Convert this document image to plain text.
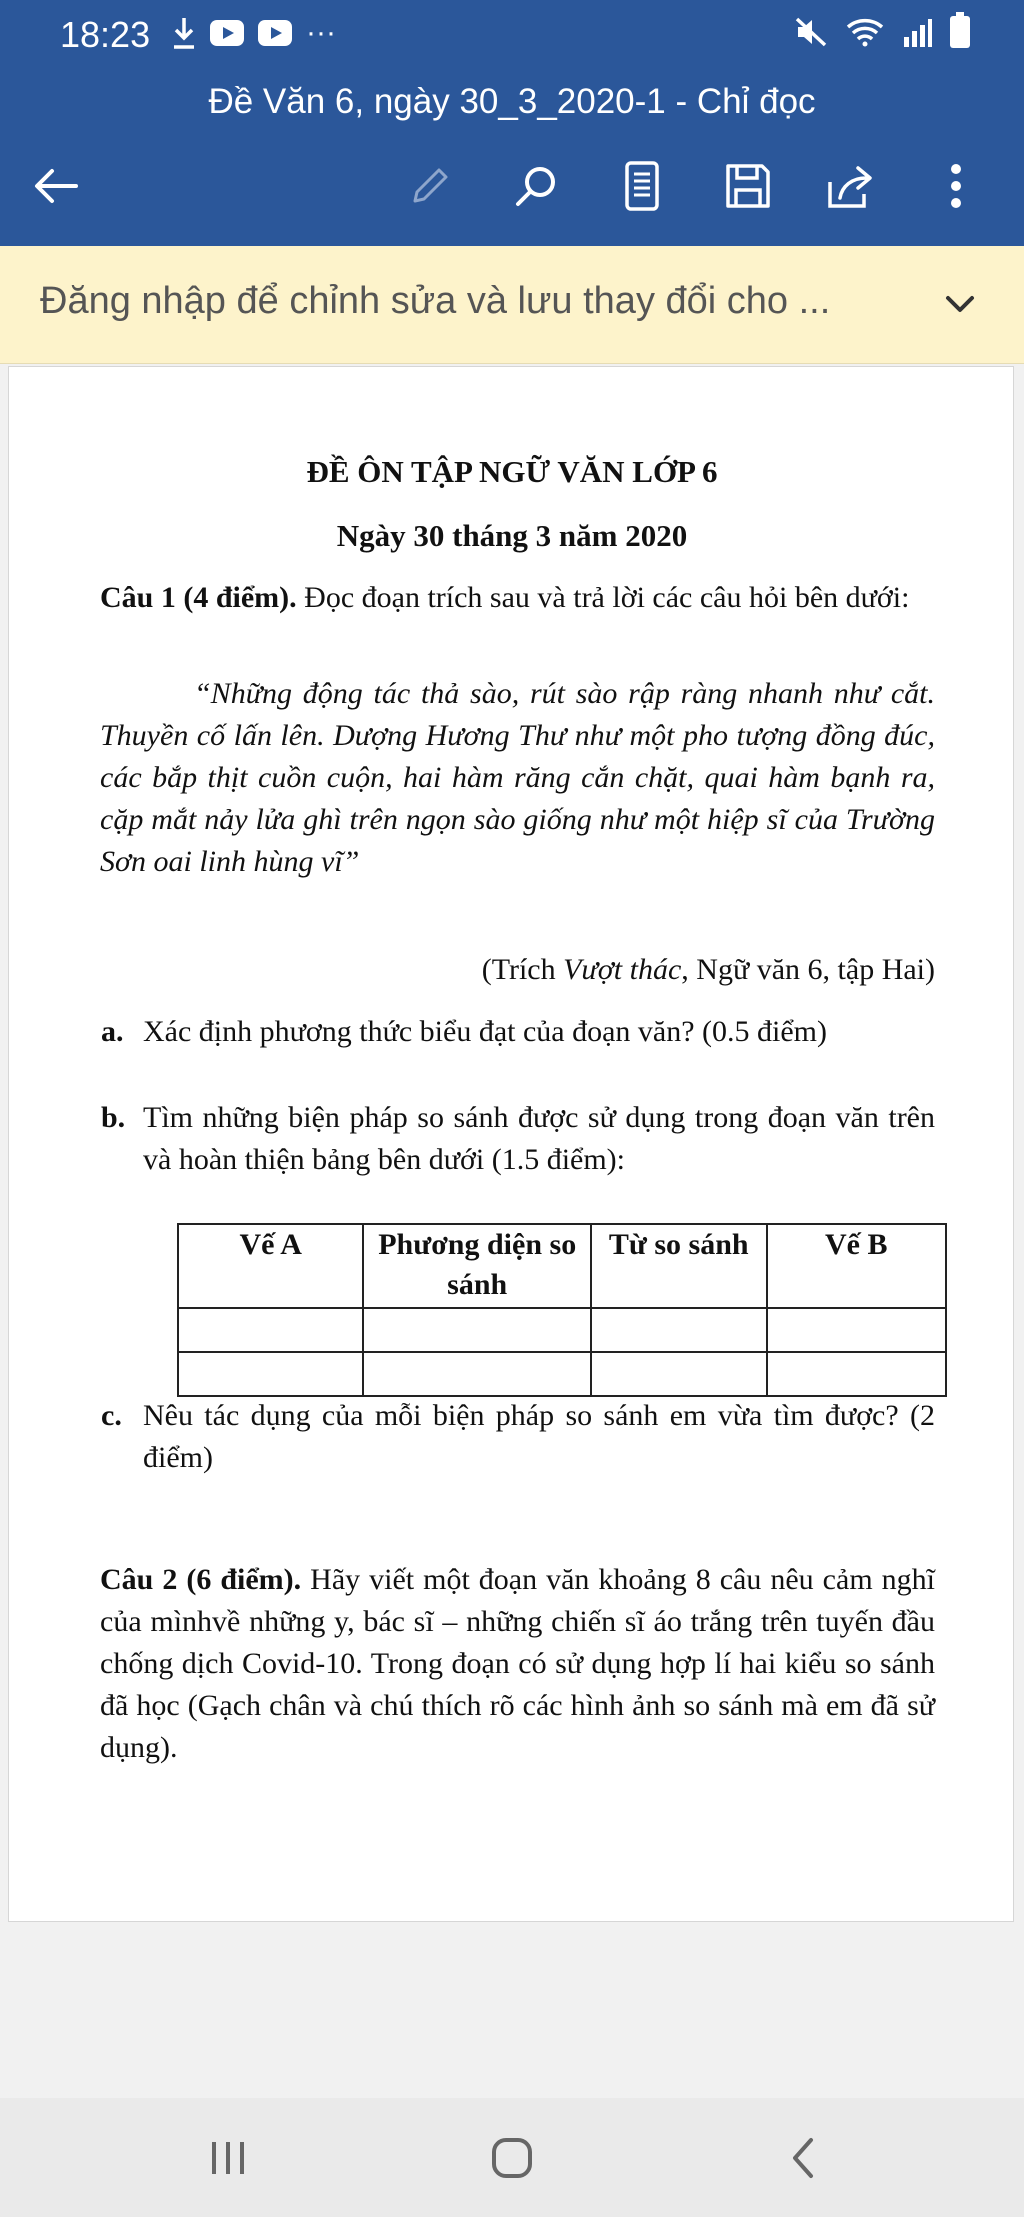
18:23	···
Đề Văn 6, ngày 30_3_2020-1 - Chỉ đọc
Đăng nhập để chỉnh sửa và lưu thay đổi cho ...
ĐỀ ÔN TẬP NGỮ VĂN LỚP 6
Ngày 30 tháng 3 năm 2020
Câu 1 (4 điểm). Đọc đoạn trích sau và trả lời các câu hỏi bên dưới:
“Những động tác thả sào, rút sào rập ràng nhanh như cắt. Thuyền cố lấn lên. Dượng Hương Thư như một pho tượng đồng đúc, các bắp thịt cuồn cuộn, hai hàm răng cắn chặt, quai hàm bạnh ra, cặp mắt nảy lửa ghì trên ngọn sào giống như một hiệp sĩ của Trường Sơn oai linh hùng vĩ”
(Trích Vượt thác, Ngữ văn 6, tập Hai)
a. Xác định phương thức biểu đạt của đoạn văn? (0.5 điểm)
b. Tìm những biện pháp so sánh được sử dụng trong đoạn văn trên và hoàn thiện bảng bên dưới (1.5 điểm):
Vế A	Phương diện so sánh	Từ so sánh	Vế B

c. Nêu tác dụng của mỗi biện pháp so sánh em vừa tìm được? (2 điểm)
Câu 2 (6 điểm). Hãy viết một đoạn văn khoảng 8 câu nêu cảm nghĩ của mìnhvề những y, bác sĩ – những chiến sĩ áo trắng trên tuyến đầu chống dịch Covid-10. Trong đoạn có sử dụng hợp lí hai kiểu so sánh đã học (Gạch chân và chú thích rõ các hình ảnh so sánh mà em đã sử dụng).
